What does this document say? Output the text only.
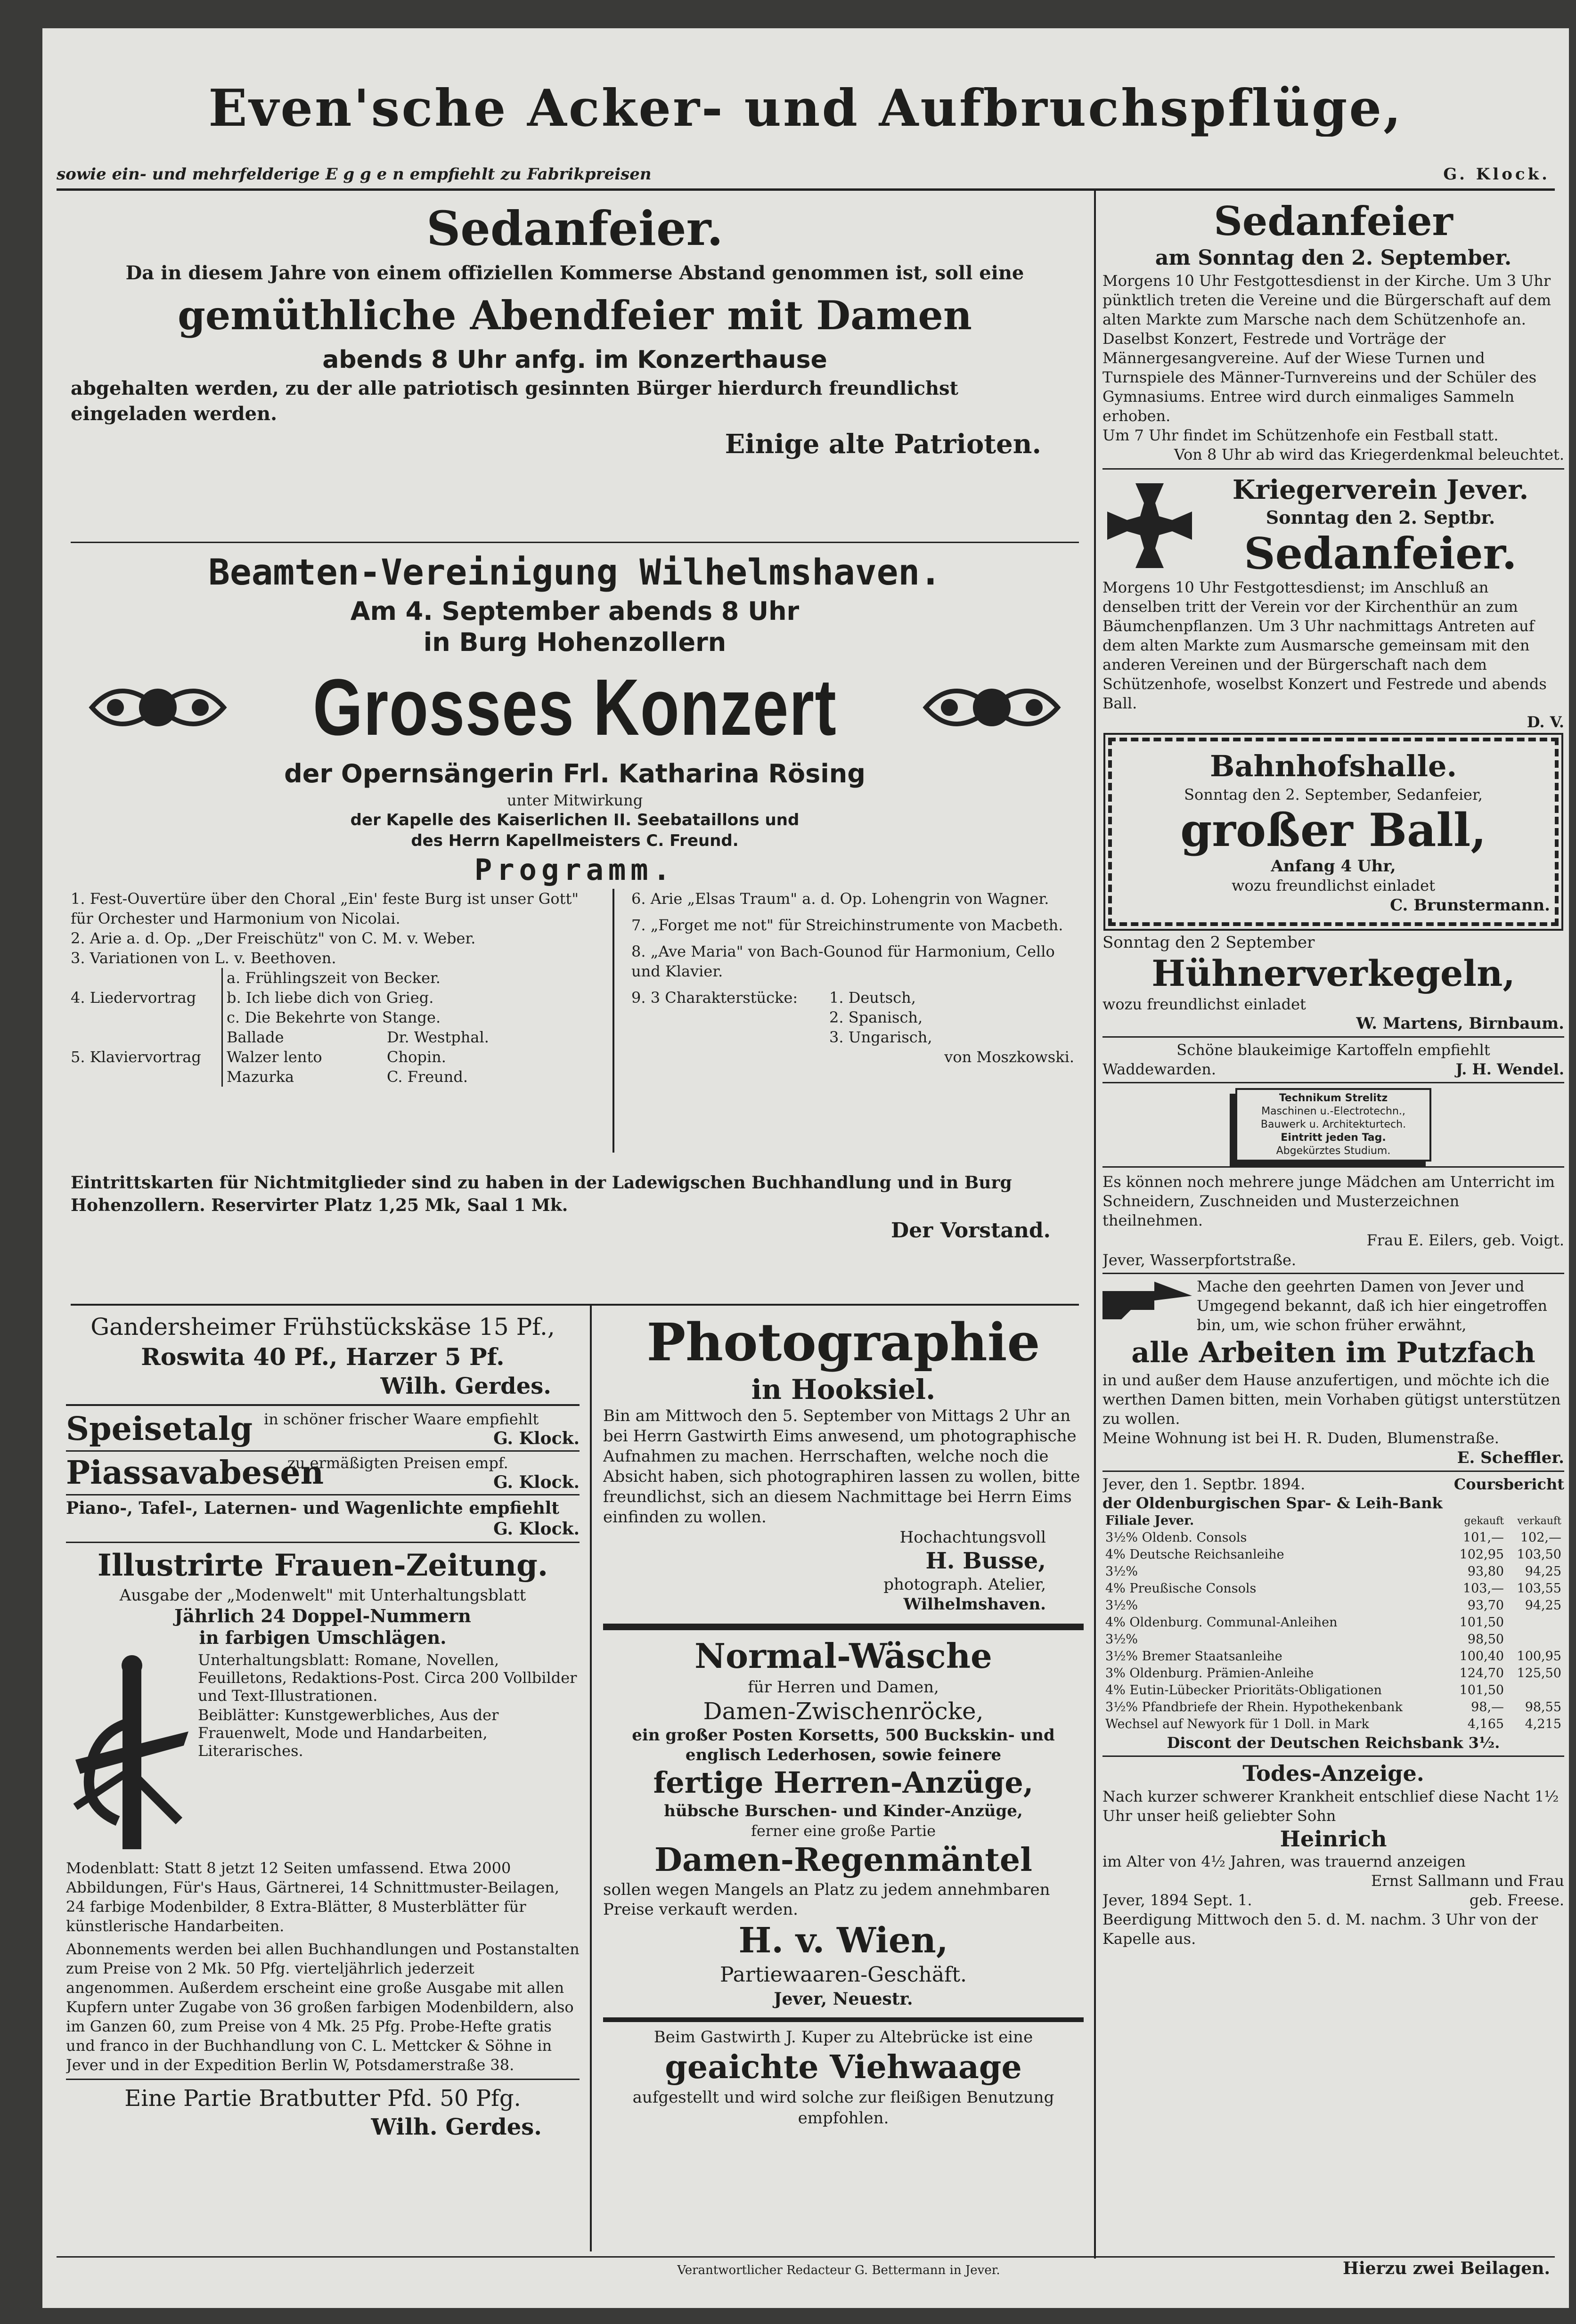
Even'sche Acker- und Aufbruchspflüge,
sowie ein- und mehrfelderige E g g e n empfiehlt zu Fabrikpreisen	G. Klock.
Sedanfeier.
Da in diesem Jahre von einem offiziellen Kommerse Abstand genommen ist, soll eine
gemüthliche Abendfeier mit Damen
abends 8 Uhr anfg. im Konzerthause
abgehalten werden, zu der alle patriotisch gesinnten Bürger hierdurch freundlichst eingeladen werden.
Einige alte Patrioten.
Beamten-Vereinigung Wilhelmshaven.
Am 4. September abends 8 Uhr
in Burg Hohenzollern
Grosses Konzert
der Opernsängerin Frl. Katharina Rösing
unter Mitwirkung
der Kapelle des Kaiserlichen II. Seebataillons und
des Herrn Kapellmeisters C. Freund.
Programm.

1. Fest-Ouvertüre über den Choral „Ein' feste Burg ist unser Gott" für Orchester und Harmonium von Nicolai.

2. Arie a. d. Op. „Der Freischütz" von C. M. v. Weber.

3. Variationen von L. v. Beethoven.

4. Liedervortrag

a. Frühlingszeit von Becker.

b. Ich liebe dich von Grieg.

c. Die Bekehrte von Stange.

5. Klaviervortrag

Ballade	Dr. Westphal.

Walzer lento	Chopin.

Mazurka	C. Freund.

6. Arie „Elsas Traum" a. d. Op. Lohengrin von Wagner.

7. „Forget me not" für Streichinstrumente von Macbeth.

8. „Ave Maria" von Bach-Gounod für Harmonium, Cello und Klavier.

9. 3 Charakterstücke:	1. Deutsch,

2. Spanisch,

3. Ungarisch,

von Moszkowski.

Eintrittskarten für Nichtmitglieder sind zu haben in der Ladewigschen Buchhandlung und in Burg Hohenzollern. Reservirter Platz 1,25 Mk, Saal 1 Mk.
Der Vorstand.
Gandersheimer Frühstückskäse 15 Pf.,
Roswita 40 Pf., Harzer 5 Pf.
Wilh. Gerdes.
Speisetalg in schöner frischer Waare empfiehlt
G. Klock.
Piassavabesen
zu ermäßigten Preisen empf.
G. Klock.
Piano-, Tafel-, Laternen- und Wagenlichte empfiehlt
G. Klock.
Illustrirte Frauen-Zeitung.
Ausgabe der „Modenwelt" mit Unterhaltungsblatt
Jährlich 24 Doppel-Nummern
in farbigen Umschlägen.

Unterhaltungsblatt: Romane, Novellen, Feuilletons, Redaktions-Post. Circa 200 Vollbilder und Text-Illustrationen.

Beiblätter: Kunstgewerbliches, Aus der Frauenwelt, Mode und Handarbeiten, Literarisches.

Modenblatt: Statt 8 jetzt 12 Seiten umfassend. Etwa 2000 Abbildungen, Für's Haus, Gärtnerei, 14 Schnittmuster-Beilagen, 24 farbige Modenbilder, 8 Extra-Blätter, 8 Musterblätter für künstlerische Handarbeiten.

Abonnements werden bei allen Buchhandlungen und Postanstalten zum Preise von 2 Mk. 50 Pfg. vierteljährlich jederzeit angenommen. Außerdem erscheint eine große Ausgabe mit allen Kupfern unter Zugabe von 36 großen farbigen Modenbildern, also im Ganzen 60, zum Preise von 4 Mk. 25 Pfg. Probe-Hefte gratis und franco in der Buchhandlung von C. L. Mettcker & Söhne in Jever und in der Expedition Berlin W, Potsdamerstraße 38.

Eine Partie Bratbutter Pfd. 50 Pfg.
Wilh. Gerdes.
Photographie
in Hooksiel.

Bin am Mittwoch den 5. September von Mittags 2 Uhr an bei Herrn Gastwirth Eims anwesend, um photographische Aufnahmen zu machen. Herrschaften, welche noch die Absicht haben, sich photographiren lassen zu wollen, bitte freundlichst, sich an diesem Nachmittage bei Herrn Eims einfinden zu wollen.

Hochachtungsvoll
H. Busse,
photograph. Atelier,
Wilhelmshaven.
Normal-Wäsche
für Herren und Damen,
Damen-Zwischenröcke,
ein großer Posten Korsetts, 500 Buckskin- und englisch Lederhosen, sowie feinere
fertige Herren-Anzüge,
hübsche Burschen- und Kinder-Anzüge,
ferner eine große Partie
Damen-Regenmäntel
sollen wegen Mangels an Platz zu jedem annehmbaren Preise verkauft werden.
H. v. Wien,
Partiewaaren-Geschäft.
Jever, Neuestr.
Beim Gastwirth J. Kuper zu Altebrücke ist eine
geaichte Viehwaage
aufgestellt und wird solche zur fleißigen Benutzung empfohlen.
Sedanfeier
am Sonntag den 2. September.

Morgens 10 Uhr Festgottesdienst in der Kirche. Um 3 Uhr pünktlich treten die Vereine und die Bürgerschaft auf dem alten Markte zum Marsche nach dem Schützenhofe an. Daselbst Konzert, Festrede und Vorträge der Männergesangvereine. Auf der Wiese Turnen und Turnspiele des Männer-Turnvereins und der Schüler des Gymnasiums. Entree wird durch einmaliges Sammeln erhoben.

Um 7 Uhr findet im Schützenhofe ein Festball statt.

Von 8 Uhr ab wird das Kriegerdenkmal beleuchtet.

Kriegerverein Jever.
Sonntag den 2. Septbr.
Sedanfeier.

Morgens 10 Uhr Festgottesdienst; im Anschluß an denselben tritt der Verein vor der Kirchenthür an zum Bäumchenpflanzen. Um 3 Uhr nachmittags Antreten auf dem alten Markte zum Ausmarsche gemeinsam mit den anderen Vereinen und der Bürgerschaft nach dem Schützenhofe, woselbst Konzert und Festrede und abends Ball.

D. V.
Bahnhofshalle.
Sonntag den 2. September, Sedanfeier,
großer Ball,
Anfang 4 Uhr,
wozu freundlichst einladet
C. Brunstermann.
Sonntag den 2 September
Hühnerverkegeln,
wozu freundlichst einladet
W. Martens, Birnbaum.
Schöne blaukeimige Kartoffeln empfiehlt
Waddewarden.	J. H. Wendel.
Technikum Strelitz
Maschinen u.-Electrotechn.,
Bauwerk u. Architekturtech.
Eintritt jeden Tag.
Abgekürztes Studium.

Es können noch mehrere junge Mädchen am Unterricht im Schneidern, Zuschneiden und Musterzeichnen theilnehmen.

Frau E. Eilers, geb. Voigt.
Jever, Wasserpfortstraße.

Mache den geehrten Damen von Jever und Umgegend bekannt, daß ich hier eingetroffen bin, um, wie schon früher erwähnt,

alle Arbeiten im Putzfach

in und außer dem Hause anzufertigen, und möchte ich die werthen Damen bitten, mein Vorhaben gütigst unterstützen zu wollen.

Meine Wohnung ist bei H. R. Duden, Blumenstraße.

E. Scheffler.
Jever, den 1. Septbr. 1894.	Coursbericht
der Oldenburgischen Spar- & Leih-Bank
Filiale Jever.	gekauft	verkauft
3½% Oldenb. Consols	101,—	102,—
4% Deutsche Reichsanleihe	102,95	103,50
3½%	93,80	94,25
4% Preußische Consols	103,—	103,55
3½%	93,70	94,25
4% Oldenburg. Communal-Anleihen	101,50	
3½%	98,50	
3½% Bremer Staatsanleihe	100,40	100,95
3% Oldenburg. Prämien-Anleihe	124,70	125,50
4% Eutin-Lübecker Prioritäts-Obligationen	101,50	
3½% Pfandbriefe der Rhein. Hypothekenbank	98,—	98,55
Wechsel auf Newyork für 1 Doll. in Mark	4,165	4,215
Discont der Deutschen Reichsbank 3½.
Todes-Anzeige.

Nach kurzer schwerer Krankheit entschlief diese Nacht 1½ Uhr unser heiß geliebter Sohn

Heinrich

im Alter von 4½ Jahren, was trauernd anzeigen

Ernst Sallmann und Frau
Jever, 1894 Sept. 1.	geb. Freese.

Beerdigung Mittwoch den 5. d. M. nachm. 3 Uhr von der Kapelle aus.

Verantwortlicher Redacteur G. Bettermann in Jever.	Hierzu zwei Beilagen.
